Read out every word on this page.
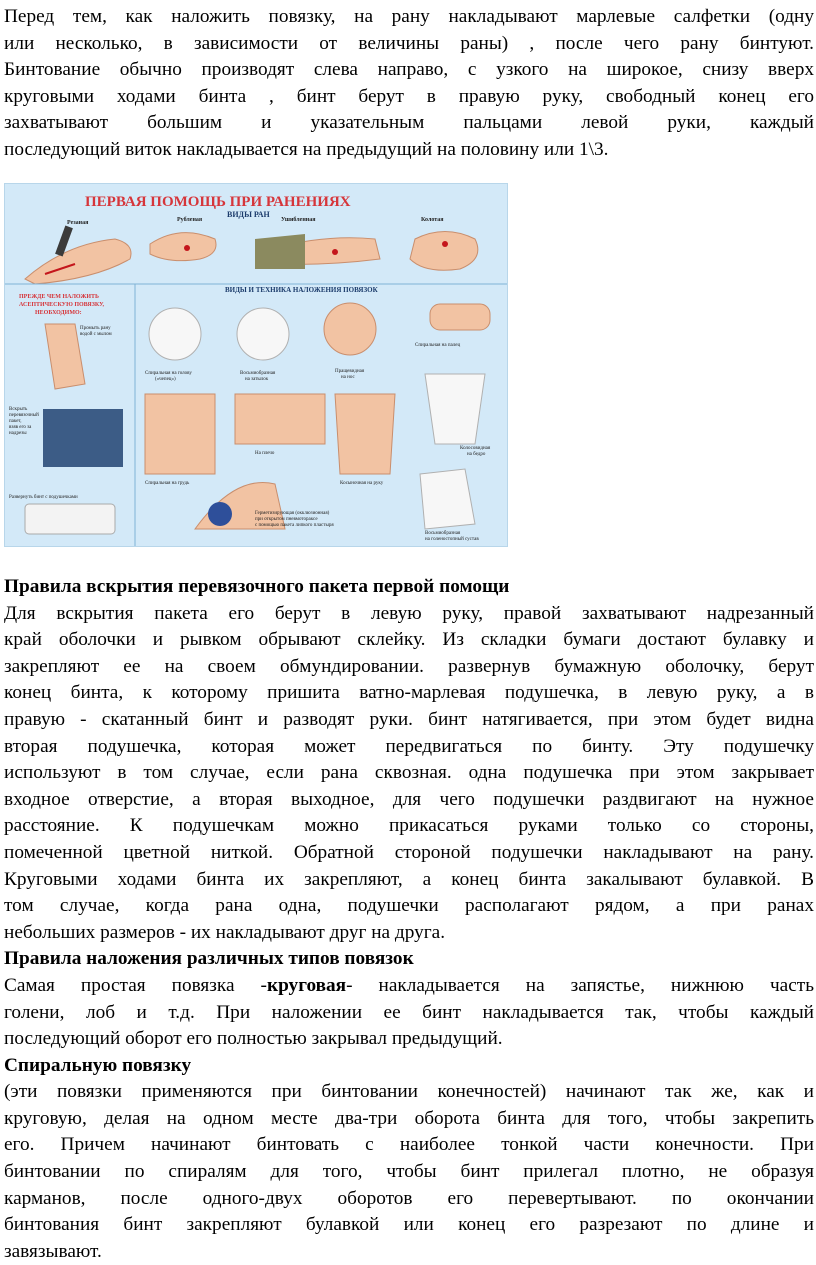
Перед тем, как наложить повязку, на рану накладывают марлевые салфетки (одну
или несколько, в зависимости от величины раны) , после чего рану бинтуют.
Бинтование обычно производят слева направо, с узкого на широкое, снизу вверх
круговыми ходами бинта , бинт берут в правую руку, свободный конец его
захватывают большим и указательным пальцами левой руки, каждый
последующий виток накладывается на предыдущий на половину или 1\3.
ПЕРВАЯ ПОМОЩЬ ПРИ РАНЕНИЯХ
ВИДЫ РАН
Резаная	Рубленая	Ушибленная	Колотая
ПРЕЖДЕ ЧЕМ НАЛОЖИТЬ
АСЕПТИЧЕСКУЮ ПОВЯЗКУ,
НЕОБХОДИМО:
Промыть рану
водой с мылом
Вскрыть
перевязочный
пакет,
взяв его за
надрезы
Развернуть бинт с подушечками
ВИДЫ И ТЕХНИКА НАЛОЖЕНИЯ ПОВЯЗОК
Спиральная на голову
(«чепец»)
Восьмиобразная
на затылок
Пращевидная
на нос
Спиральная на палец
Спиральная на грудь
На плечо
Косыночная на руку
Колосовидная
на бедро
Герметизирующая (окклюзионная)
при открытом пневмотораксе
с помощью пакета липкого пластыря
Восьмиобразная
на голеностопный сустав
Правила вскрытия перевязочного пакета первой помощи
Для вскрытия пакета его берут в левую руку, правой захватывают надрезанный
край оболочки и рывком обрывают склейку. Из складки бумаги достают булавку и
закрепляют ее на своем обмундировании. развернув бумажную оболочку, берут
конец бинта, к которому пришита ватно-марлевая подушечка, в левую руку, а в
правую - скатанный бинт и разводят руки. бинт натягивается, при этом будет видна
вторая подушечка, которая может передвигаться по бинту. Эту подушечку
используют в том случае, если рана сквозная. одна подушечка при этом закрывает
входное отверстие, а вторая выходное, для чего подушечки раздвигают на нужное
расстояние. К подушечкам можно прикасаться руками только со стороны,
помеченной цветной ниткой. Обратной стороной подушечки накладывают на рану.
Круговыми ходами бинта их закрепляют, а конец бинта закалывают булавкой. В
том случае, когда рана одна, подушечки располагают рядом, а при ранах
небольших размеров - их накладывают друг на друга.
Правила наложения различных типов повязок
Самая простая повязка -круговая- накладывается на запястье, нижнюю часть
голени, лоб и т.д. При наложении ее бинт накладывается так, чтобы каждый
последующий оборот его полностью закрывал предыдущий.
Спиральную повязку
(эти повязки применяются при бинтовании конечностей) начинают так же, как и
круговую, делая на одном месте два-три оборота бинта для того, чтобы закрепить
его. Причем начинают бинтовать с наиболее тонкой части конечности. При
бинтовании по спиралям для того, чтобы бинт прилегал плотно, не образуя
карманов, после одного-двух оборотов его перевертывают. по окончании
бинтования бинт закрепляют булавкой или конец его разрезают по длине и
завязывают.
